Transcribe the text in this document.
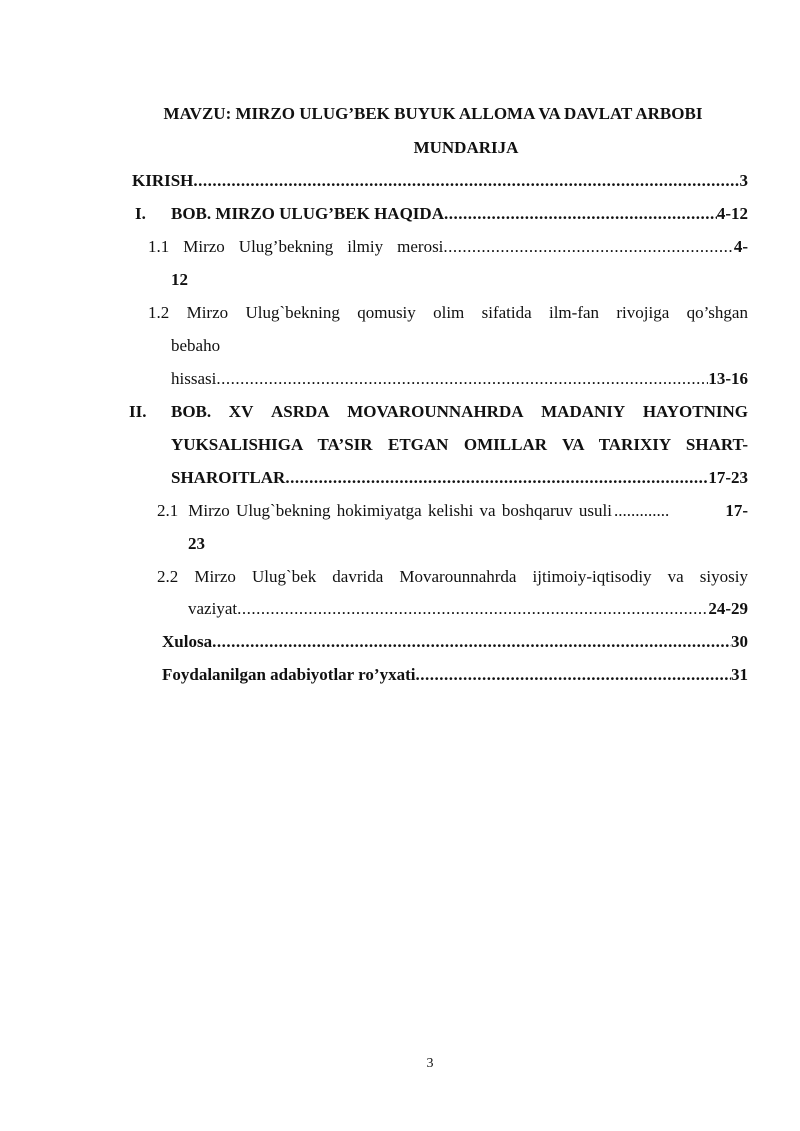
MAVZU: MIRZO ULUG’BEK BUYUK ALLOMA VA DAVLAT ARBOBI
MUNDARIJA
KIRISH .....	3
I. BOB. MIRZO ULUG’BEK HAQIDA .....	4-12
1.1 Mirzo Ulug’bekning ilmiy merosi .....	4-
12
1.2 Mirzo Ulug`bekning qomusiy olim sifatida ilm-fan rivojiga qo’shgan
bebaho
hissasi .....	13-16
II. BOB. XV ASRDA MOVAROUNNAHRDA MADANIY HAYOTNING
YUKSALISHIGA TA’SIR ETGAN OMILLAR VA TARIXIY SHART-
SHAROITLAR .....	17-23
2.1 Mirzo Ulug`bekning hokimiyatga kelishi va boshqaruv usuli .............	17-
23
2.2 Mirzo Ulug`bek davrida Movarounnahrda ijtimoiy-iqtisodiy va siyosiy
vaziyat .....	24-29
Xulosa .....	30
Foydalanilgan adabiyotlar ro’yxati .....	31
3
